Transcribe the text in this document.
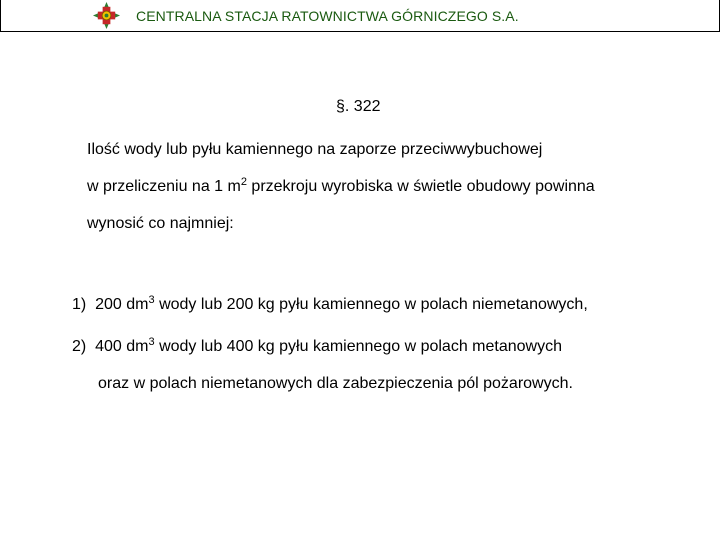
CENTRALNA STACJA RATOWNICTWA GÓRNICZEGO S.A.
§. 322
Ilość wody lub pyłu kamiennego na zaporze przeciwwybuchowej
w przeliczeniu na 1 $m^2$ przekroju wyrobiska w świetle obudowy powinna
wynosić co najmniej:
1) 200 $dm^3$ wody lub 200 kg pyłu kamiennego w polach niemetanowych,
2) 400 $dm^3$ wody lub 400 kg pyłu kamiennego w polach metanowych
oraz w polach niemetanowych dla zabezpieczenia pól pożarowych.
